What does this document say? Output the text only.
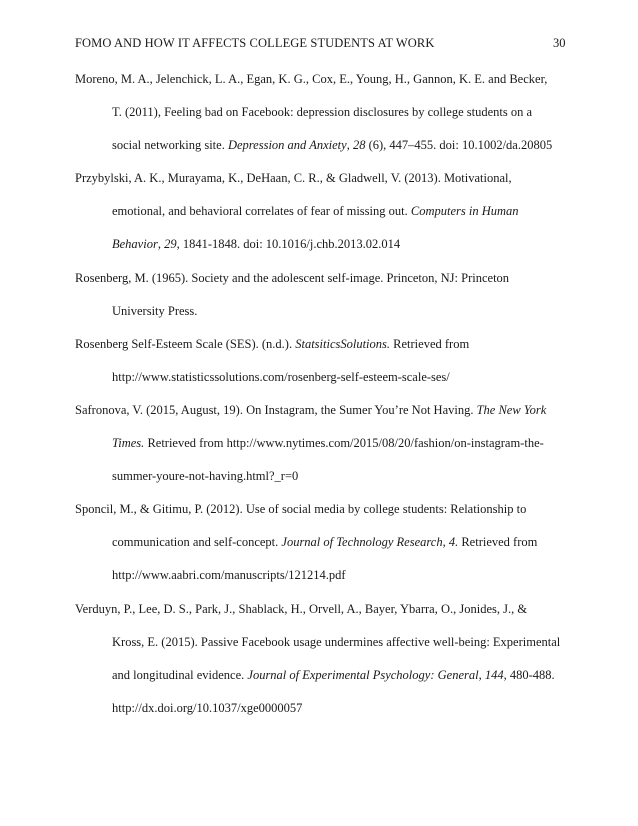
FOMO AND HOW IT AFFECTS COLLEGE STUDENTS AT WORK	30
Moreno, M. A., Jelenchick, L. A., Egan, K. G., Cox, E., Young, H., Gannon, K. E. and Becker,
T. (2011), Feeling bad on Facebook: depression disclosures by college students on a
social networking site. Depression and Anxiety, 28 (6), 447–455. doi: 10.1002/da.20805
Przybylski, A. K., Murayama, K., DeHaan, C. R., & Gladwell, V. (2013). Motivational,
emotional, and behavioral correlates of fear of missing out. Computers in Human
Behavior, 29, 1841-1848. doi: 10.1016/j.chb.2013.02.014
Rosenberg, M. (1965). Society and the adolescent self-image. Princeton, NJ: Princeton
University Press.
Rosenberg Self-Esteem Scale (SES). (n.d.). StatsiticsSolutions. Retrieved from
http://www.statisticssolutions.com/rosenberg-self-esteem-scale-ses/
Safronova, V. (2015, August, 19). On Instagram, the Sumer You’re Not Having. The New York
Times. Retrieved from http://www.nytimes.com/2015/08/20/fashion/on-instagram-the-
summer-youre-not-having.html?_r=0
Sponcil, M., & Gitimu, P. (2012). Use of social media by college students: Relationship to
communication and self-concept. Journal of Technology Research, 4. Retrieved from
http://www.aabri.com/manuscripts/121214.pdf
Verduyn, P., Lee, D. S., Park, J., Shablack, H., Orvell, A., Bayer, Ybarra, O., Jonides, J., &
Kross, E. (2015). Passive Facebook usage undermines affective well-being: Experimental
and longitudinal evidence. Journal of Experimental Psychology: General, 144, 480-488.
http://dx.doi.org/10.1037/xge0000057
